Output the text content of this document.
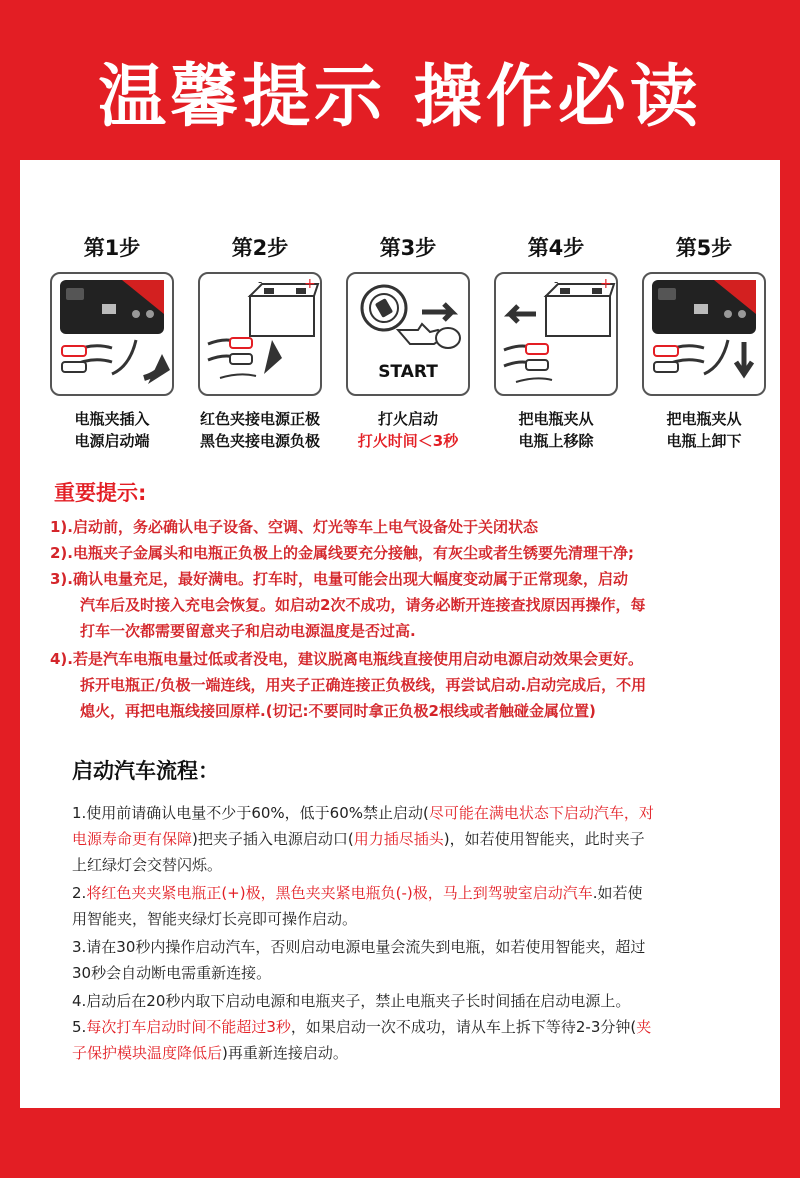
温馨提示 操作必读
第1步
电瓶夹插入
电源启动端
第2步
-	+
红色夹接电源正极
黑色夹接电源负极
第3步
START
打火启动
打火时间＜3秒
第4步
-	+
把电瓶夹从
电瓶上移除
第5步
把电瓶夹从
电瓶上卸下
重要提示:
1).启动前，务必确认电子设备、空调、灯光等车上电气设备处于关闭状态
2).电瓶夹子金属头和电瓶正负极上的金属线要充分接触，有灰尘或者生锈要先清理干净;
3).确认电量充足，最好满电。打车时，电量可能会出现大幅度变动属于正常现象，启动
汽车后及时接入充电会恢复。如启动2次不成功，请务必断开连接查找原因再操作，每
打车一次都需要留意夹子和启动电源温度是否过高.
4).若是汽车电瓶电量过低或者没电，建议脱离电瓶线直接使用启动电源启动效果会更好。
拆开电瓶正/负极一端连线，用夹子正确连接正负极线，再尝试启动.启动完成后，不用
熄火，再把电瓶线接回原样.(切记:不要同时拿正负极2根线或者触碰金属位置)
启动汽车流程：
1.使用前请确认电量不少于60%，低于60%禁止启动(尽可能在满电状态下启动汽车，对
电源寿命更有保障)把夹子插入电源启动口(用力插尽插头)，如若使用智能夹，此时夹子
上红绿灯会交替闪烁。
2.将红色夹夹紧电瓶正(+)极，黑色夹夹紧电瓶负(-)极，马上到驾驶室启动汽车.如若使
用智能夹，智能夹绿灯长亮即可操作启动。
3.请在30秒内操作启动汽车，否则启动电源电量会流失到电瓶，如若使用智能夹，超过
30秒会自动断电需重新连接。
4.启动后在20秒内取下启动电源和电瓶夹子，禁止电瓶夹子长时间插在启动电源上。
5.每次打车启动时间不能超过3秒，如果启动一次不成功，请从车上拆下等待2-3分钟(夹
子保护模块温度降低后)再重新连接启动。
